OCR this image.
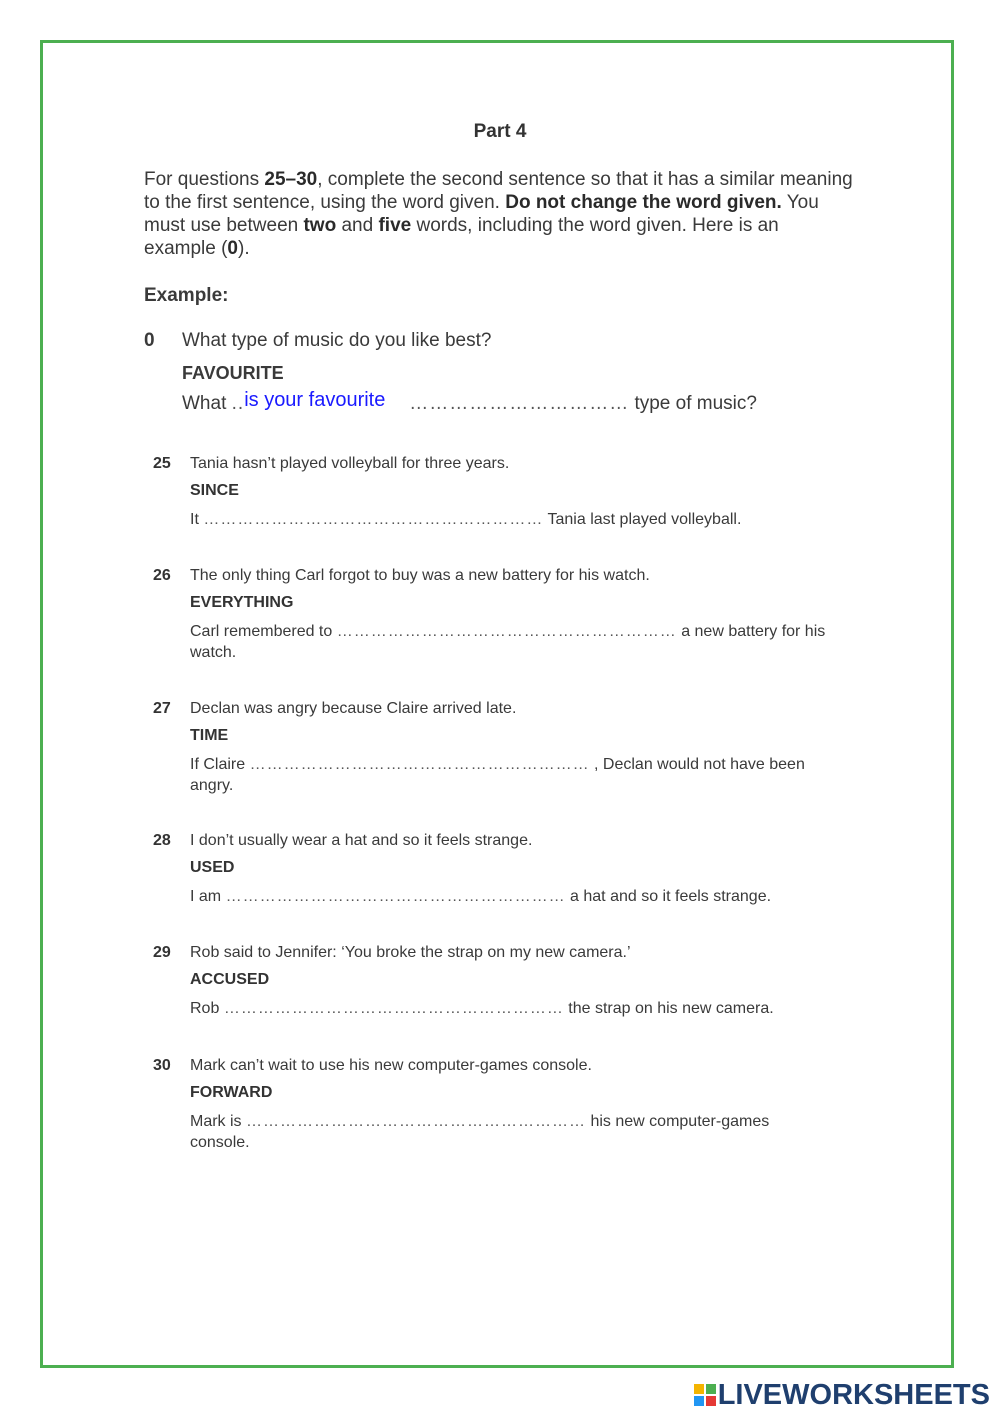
Part 4
For questions 25–30, complete the second sentence so that it has a similar meaning to the first sentence, using the word given. Do not change the word given. You must use between two and five words, including the word given. Here is an example (0).
Example:
0 What type of music do you like best?
FAVOURITE
What ..is your favourite	…………………………… type of music?
25 Tania hasn’t played volleyball for three years.
SINCE
It …………………………………………………… Tania last played volleyball.
26 The only thing Carl forgot to buy was a new battery for his watch.
EVERYTHING
Carl remembered to …………………………………………………… a new battery for his watch.
27 Declan was angry because Claire arrived late.
TIME
If Claire …………………………………………………… , Declan would not have been angry.
28 I don’t usually wear a hat and so it feels strange.
USED
I am …………………………………………………… a hat and so it feels strange.
29 Rob said to Jennifer: ‘You broke the strap on my new camera.’
ACCUSED
Rob …………………………………………………… the strap on his new camera.
30 Mark can’t wait to use his new computer-games console.
FORWARD
Mark is …………………………………………………… his new computer-games console.
LIVEWORKSHEETS
